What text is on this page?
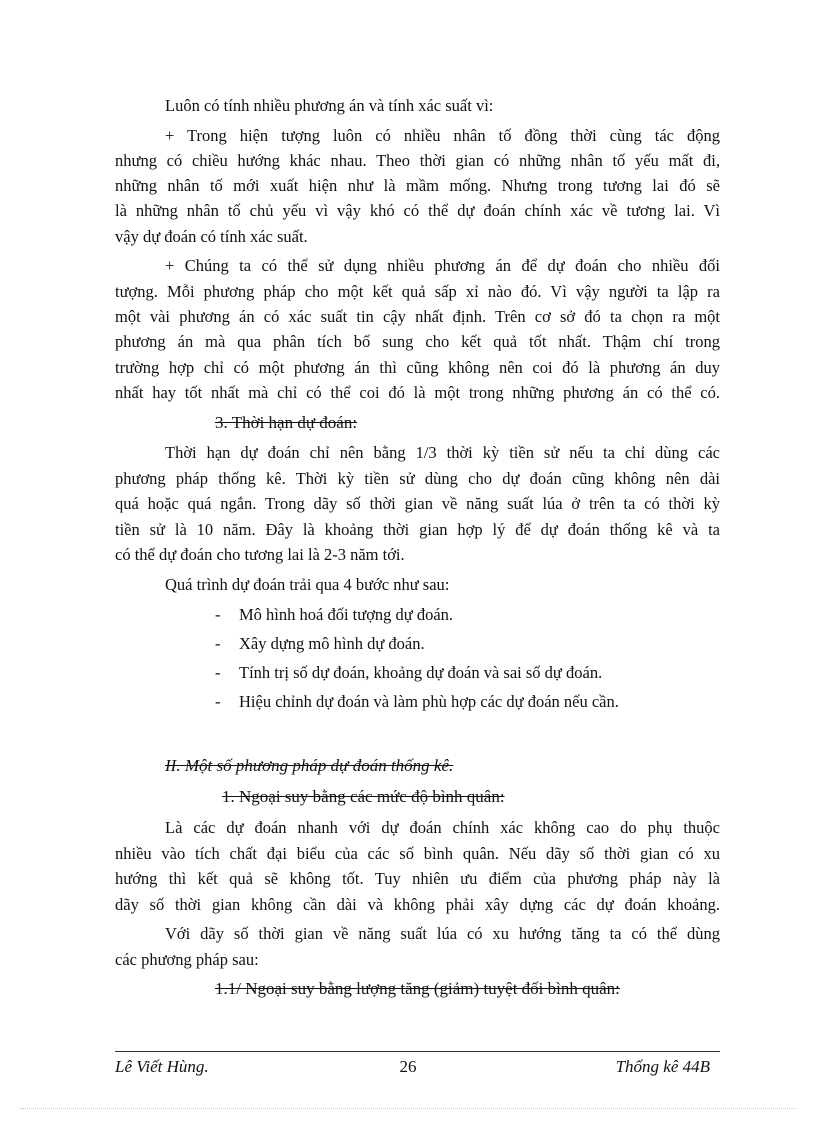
Luôn có tính nhiều phương án và tính xác suất vì:
+ Trong hiện tượng luôn có nhiều nhân tố đồng thời cùng tác động
nhưng có chiều hướng khác nhau. Theo thời gian có những nhân tố yếu mất đi,
những nhân tố mới xuất hiện như là mầm mống. Nhưng trong tương lai đó sẽ
là những nhân tố chủ yếu vì vậy khó có thể dự đoán chính xác về tương lai. Vì
vậy dự đoán có tính xác suất.
+ Chúng ta có thể sử dụng nhiều phương án để dự đoán cho nhiều đối
tượng. Mỗi phương pháp cho một kết quả sấp xỉ nào đó. Vì vậy người ta lập ra
một vài phương án có xác suất tin cậy nhất định. Trên cơ sở đó ta chọn ra một
phương án mà qua phân tích bổ sung cho kết quả tốt nhất. Thậm chí trong
trường hợp chỉ có một phương án thì cũng không nên coi đó là phương án duy
nhất hay tốt nhất mà chỉ có thể coi đó là một trong những phương án có thể có.
3. Thời hạn dự đoán:
Thời hạn dự đoán chỉ nên bằng 1/3 thời kỳ tiền sử nếu ta chỉ dùng các
phương pháp thống kê. Thời kỳ tiền sử dùng cho dự đoán cũng không nên dài
quá hoặc quá ngắn. Trong dãy số thời gian về năng suất lúa ở trên ta có thời kỳ
tiền sử là 10 năm. Đây là khoảng thời gian hợp lý để dự đoán thống kê và ta
có thể dự đoán cho tương lai là 2-3 năm tới.
Quá trình dự đoán trải qua 4 bước như sau:
- Mô hình hoá đối tượng dự đoán.
- Xây dựng mô hình dự đoán.
- Tính trị số dự đoán, khoảng dự đoán và sai số dự đoán.
- Hiệu chỉnh dự đoán và làm phù hợp các dự đoán nếu cần.
II. Một số phương pháp dự đoán thống kê.
1. Ngoại suy bằng các mức độ bình quân:
Là các dự đoán nhanh với dự đoán chính xác không cao do phụ thuộc
nhiều vào tích chất đại biểu của các số bình quân. Nếu dãy số thời gian có xu
hướng thì kết quả sẽ không tốt. Tuy nhiên ưu điểm của phương pháp này là
dãy số thời gian không cần dài và không phải xây dựng các dự đoán khoảng.
Với dãy số thời gian về năng suất lúa có xu hướng tăng ta có thể dùng
các phương pháp sau:
1.1/ Ngoại suy bằng lượng tăng (giảm) tuyệt đối bình quân:
Lê Viết Hùng.	26	Thống kê 44B
